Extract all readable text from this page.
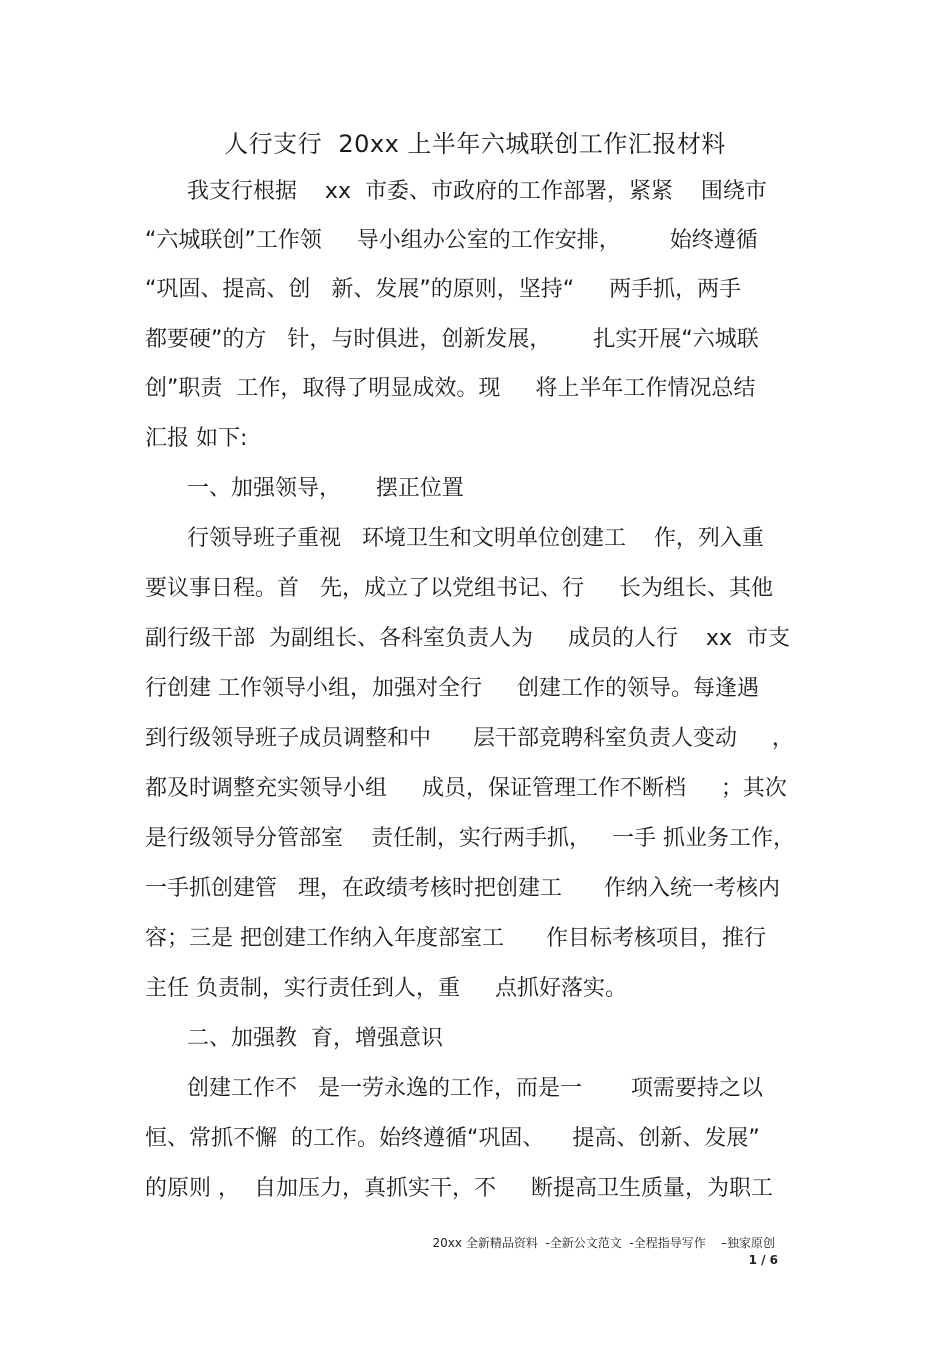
人行支行  20xx 上半年六城联创工作汇报材料
我支行根据    xx  市委、市政府的工作部署，紧紧    围绕市
“六城联创”工作领     导小组办公室的工作安排，       始终遵循
“巩固、提高、创   新、发展”的原则，坚持“     两手抓，两手
都要硬”的方   针，与时俱进，创新发展，      扎实开展“六城联
创”职责  工作，取得了明显成效。现     将上半年工作情况总结
汇报 如下:
一、加强领导，     摆正位置
行领导班子重视   环境卫生和文明单位创建工    作，列入重
要议事日程。首   先，成立了以党组书记、行     长为组长、其他
副行级干部  为副组长、各科室负责人为     成员的人行    xx  市支
行创建 工作领导小组，加强对全行     创建工作的领导。每逢遇
到行级领导班子成员调整和中      层干部竞聘科室负责人变动     ，
都及时调整充实领导小组     成员，保证管理工作不断档     ；其次
是行级领导分管部室    责任制，实行两手抓，   一手 抓业务工作，
一手抓创建管   理，在政绩考核时把创建工      作纳入统一考核内
容；三是 把创建工作纳入年度部室工      作目标考核项目，推行
主任 负责制，实行责任到人，重     点抓好落实。
二、加强教  育，增强意识
创建工作不   是一劳永逸的工作，而是一       项需要持之以
恒、常抓不懈  的工作。始终遵循“巩固、    提高、创新、发展”
的原则 ，  自加压力，真抓实干，不     断提高卫生质量，为职工
20xx 全新精品资料  -全新公文范文  -全程指导写作    –独家原创
1 / 6
